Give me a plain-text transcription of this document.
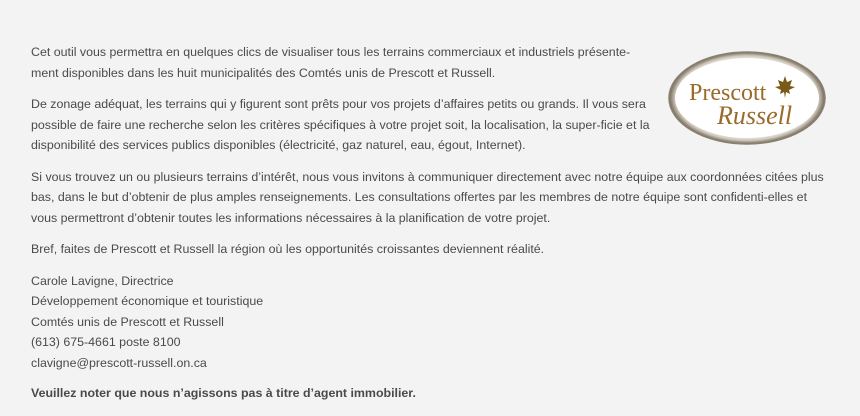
Cet outil vous permettra en quelques clics de visualiser tous les terrains commerciaux et industriels présente-ment disponibles dans les huit municipalités des Comtés unis de Prescott et Russell.

De zonage adéquat, les terrains qui y figurent sont prêts pour vos projets d’affaires petits ou grands. Il vous sera possible de faire une recherche selon les critères spécifiques à votre projet soit, la localisation, la super-ficie et la disponibilité des services publics disponibles (électricité, gaz naturel, eau, égout, Internet).

Si vous trouvez un ou plusieurs terrains d’intérêt, nous vous invitons à communiquer directement avec notre équipe aux coordonnées citées plus bas, dans le but d’obtenir de plus amples renseignements. Les consultations offertes par les membres de notre équipe sont confidenti-elles et vous permettront d’obtenir toutes les informations nécessaires à la planification de votre projet.

Bref, faites de Prescott et Russell la région où les opportunités croissantes deviennent réalité.

Carole Lavigne, Directrice
Développement économique et touristique
Comtés unis de Prescott et Russell
(613) 675-4661 poste 8100
clavigne@prescott-russell.on.ca
Veuillez noter que nous n’agissons pas à titre d’agent immobilier.
Prescott
Russell
